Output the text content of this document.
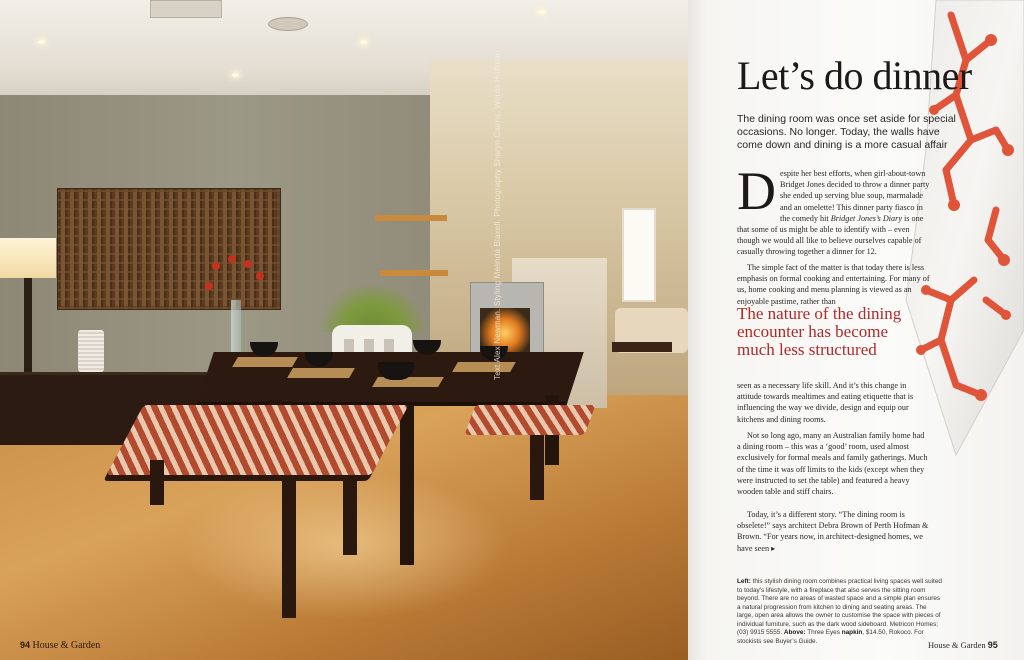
Text Alex Newman. Styling Melinda Blaxell. Photography Sharyn Cairns. Words Hoffman
94 House & Garden
Let’s do dinner
The dining room was once set aside for special occasions. No longer. Today, the walls have come down and dining is a more casual affair
Despite her best efforts, when girl-about-town Bridget Jones decided to throw a dinner party she ended up serving blue soup, marmalade and an omelette! This dinner party fiasco in the comedy hit Bridget Jones’s Diary is one that some of us might be able to identify with – even though we would all like to believe ourselves capable of casually throwing together a dinner for 12.
The simple fact of the matter is that today there is less emphasis on formal cooking and entertaining. For many of us, home cooking and menu planning is viewed as an enjoyable pastime, rather than
The nature of the dining encounter has become much less structured
seen as a necessary life skill. And it’s this change in attitude towards mealtimes and eating etiquette that is influencing the way we divide, design and equip our kitchens and dining rooms.
Not so long ago, many an Australian family home had a dining room – this was a ‘good’ room, used almost exclusively for formal meals and family gatherings. Much of the time it was off limits to the kids (except when they were instructed to set the table) and featured a heavy wooden table and stiff chairs.
Today, it’s a different story. “The dining room is obselete!” says architect Debra Brown of Perth Hofman & Brown. “For years now, in architect-designed homes, we have seen ▸
Left: this stylish dining room combines practical living spaces well suited to today’s lifestyle, with a fireplace that also serves the sitting room beyond. There are no areas of wasted space and a simple plan ensures a natural progression from kitchen to dining and seating areas. The large, open area allows the owner to customise the space with pieces of individual furniture, such as the dark wood sideboard. Metricon Homes; (03) 9915 5555. Above: Three Eyes napkin, $14.50, Rokoco. For stockists see Buyer’s Guide.	House & Garden 95
